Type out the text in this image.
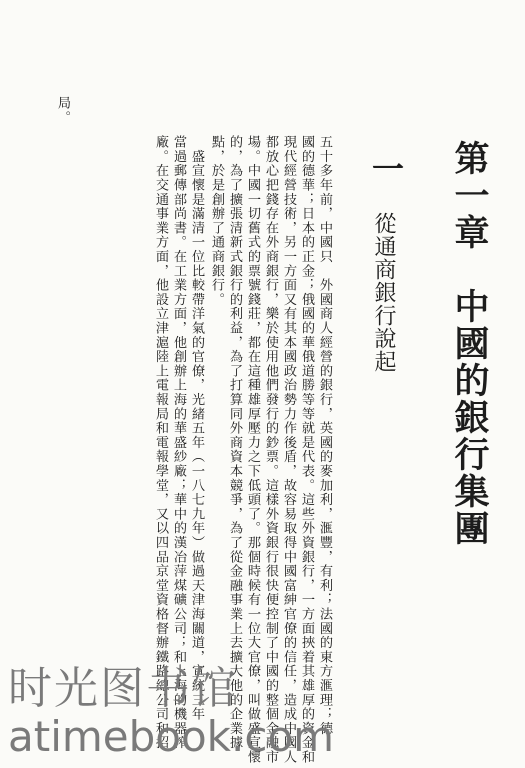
第一章　中國的銀行集團
一
從通商銀行說起
五十多年前，中國只　外國商人經營的銀行，英國的麥加利，滙豐，有利；法國的東方滙理；德
國的德華；日本的正金；俄國的華俄道勝等等就是代表。這些外資銀行，一方面挾着其雄厚的資金和
現代經營技術，另一方面又有其本國政治勢力作後盾，故容易取得中國富紳官僚的信任，造成中國人
都放心把錢存在外商銀行，樂於使用他們發行的鈔票。這樣外資銀行很快便控制了中國的整個金融市
場。中國一切舊式的票號錢莊，都在這種雄厚壓力之下低頭了。那個時候有一位大官僚，叫做盛宣懷
的，為了擴張清新式銀行的利益，為了打算同外商資本競爭，為了從金融事業上去擴大他的企業據
點，於是創辦了通商銀行。
　盛宣懷是滿清一位比較帶洋氣的官僚，光緒五年（一八七九年）做過天津海關道，宣統三年
當過郵傳部尚書。在工業方面，他創辦上海的華盛紗廠；華中的漢冶萍煤礦公司；和上海的機器搾
廠。在交通事業方面，他設立津滬陸上電報局和電報學堂，又以四品京堂資格督辦鐵路總公司和招
局。
时光图书馆
atimebook.com
